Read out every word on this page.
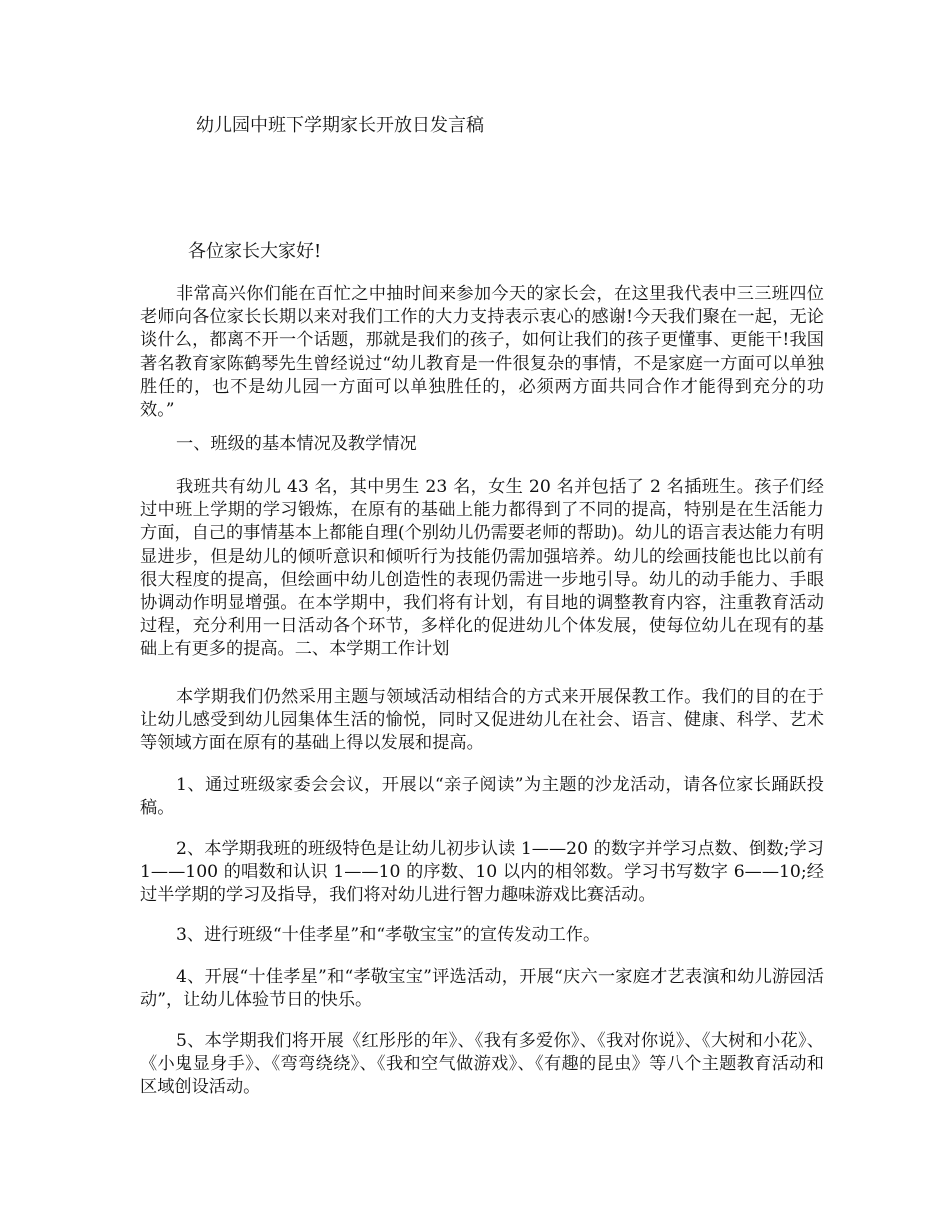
幼儿园中班下学期家长开放日发言稿
各位家长大家好!

非常高兴你们能在百忙之中抽时间来参加今天的家长会，在这里我代表中三三班四位老师向各位家长长期以来对我们工作的大力支持表示衷心的感谢!今天我们聚在一起，无论谈什么，都离不开一个话题，那就是我们的孩子，如何让我们的孩子更懂事、更能干!我国著名教育家陈鹤琴先生曾经说过“幼儿教育是一件很复杂的事情，不是家庭一方面可以单独胜任的，也不是幼儿园一方面可以单独胜任的，必须两方面共同合作才能得到充分的功效。”

一、班级的基本情况及教学情况

我班共有幼儿 43 名，其中男生 23 名，女生 20 名并包括了 2 名插班生。孩子们经过中班上学期的学习锻炼，在原有的基础上能力都得到了不同的提高，特别是在生活能力方面，自己的事情基本上都能自理(个别幼儿仍需要老师的帮助)。幼儿的语言表达能力有明显进步，但是幼儿的倾听意识和倾听行为技能仍需加强培养。幼儿的绘画技能也比以前有很大程度的提高，但绘画中幼儿创造性的表现仍需进一步地引导。幼儿的动手能力、手眼协调动作明显增强。在本学期中，我们将有计划，有目地的调整教育内容，注重教育活动过程，充分利用一日活动各个环节，多样化的促进幼儿个体发展，使每位幼儿在现有的基础上有更多的提高。二、本学期工作计划

本学期我们仍然采用主题与领域活动相结合的方式来开展保教工作。我们的目的在于让幼儿感受到幼儿园集体生活的愉悦，同时又促进幼儿在社会、语言、健康、科学、艺术等领域方面在原有的基础上得以发展和提高。

1、通过班级家委会会议，开展以“亲子阅读”为主题的沙龙活动，请各位家长踊跃投稿。

2、本学期我班的班级特色是让幼儿初步认读 1——20 的数字并学习点数、倒数;学习 1——100 的唱数和认识 1——10 的序数、10 以内的相邻数。学习书写数字 6——10;经过半学期的学习及指导，我们将对幼儿进行智力趣味游戏比赛活动。

3、进行班级“十佳孝星”和“孝敬宝宝”的宣传发动工作。

4、开展“十佳孝星”和“孝敬宝宝”评选活动，开展“庆六一家庭才艺表演和幼儿游园活动”，让幼儿体验节日的快乐。

5、本学期我们将开展《红彤彤的年》、《我有多爱你》、《我对你说》、《大树和小花》、《小鬼显身手》、《弯弯绕绕》、《我和空气做游戏》、《有趣的昆虫》等八个主题教育活动和区域创设活动。
